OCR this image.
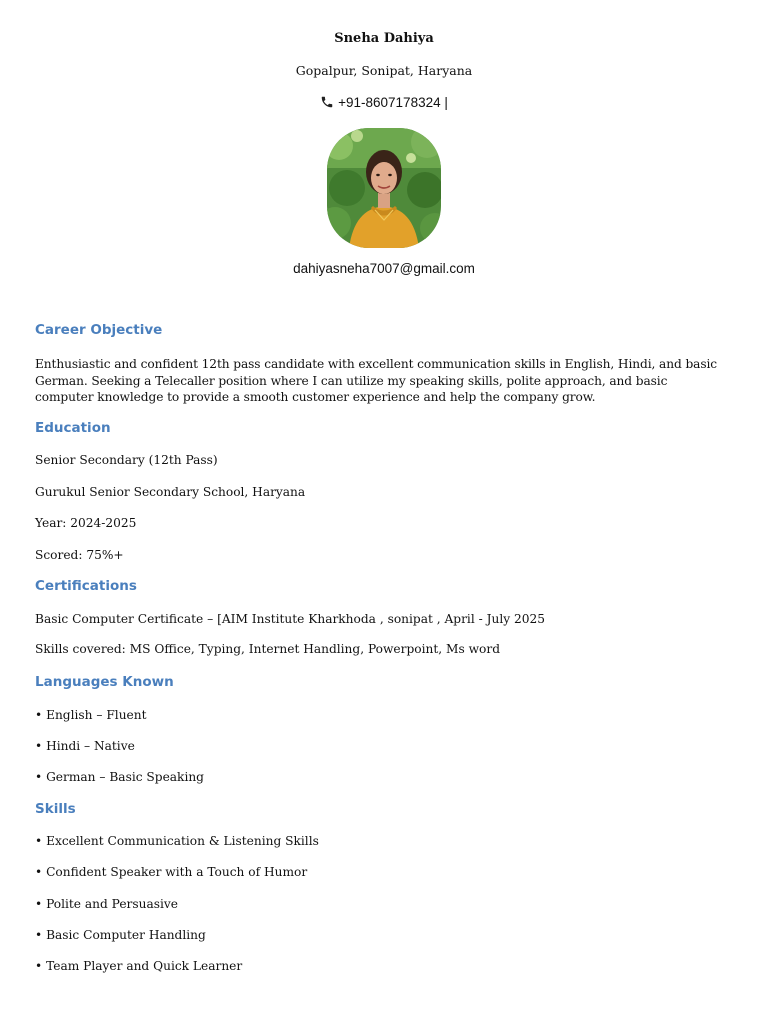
Sneha Dahiya
Gopalpur, Sonipat, Haryana
+91-8607178324 |
dahiyasneha7007@gmail.com
Career Objective
Enthusiastic and confident 12th pass candidate with excellent communication skills in English, Hindi, and basic German. Seeking a Telecaller position where I can utilize my speaking skills, polite approach, and basic computer knowledge to provide a smooth customer experience and help the company grow.
Education
Senior Secondary (12th Pass)
Gurukul Senior Secondary School, Haryana
Year: 2024-2025
Scored: 75%+
Certifications
Basic Computer Certificate – [AIM Institute Kharkhoda , sonipat , April - July 2025
Skills covered: MS Office, Typing, Internet Handling, Powerpoint, Ms word
Languages Known
• English – Fluent
• Hindi – Native
• German – Basic Speaking
Skills
• Excellent Communication & Listening Skills
• Confident Speaker with a Touch of Humor
• Polite and Persuasive
• Basic Computer Handling
• Team Player and Quick Learner
